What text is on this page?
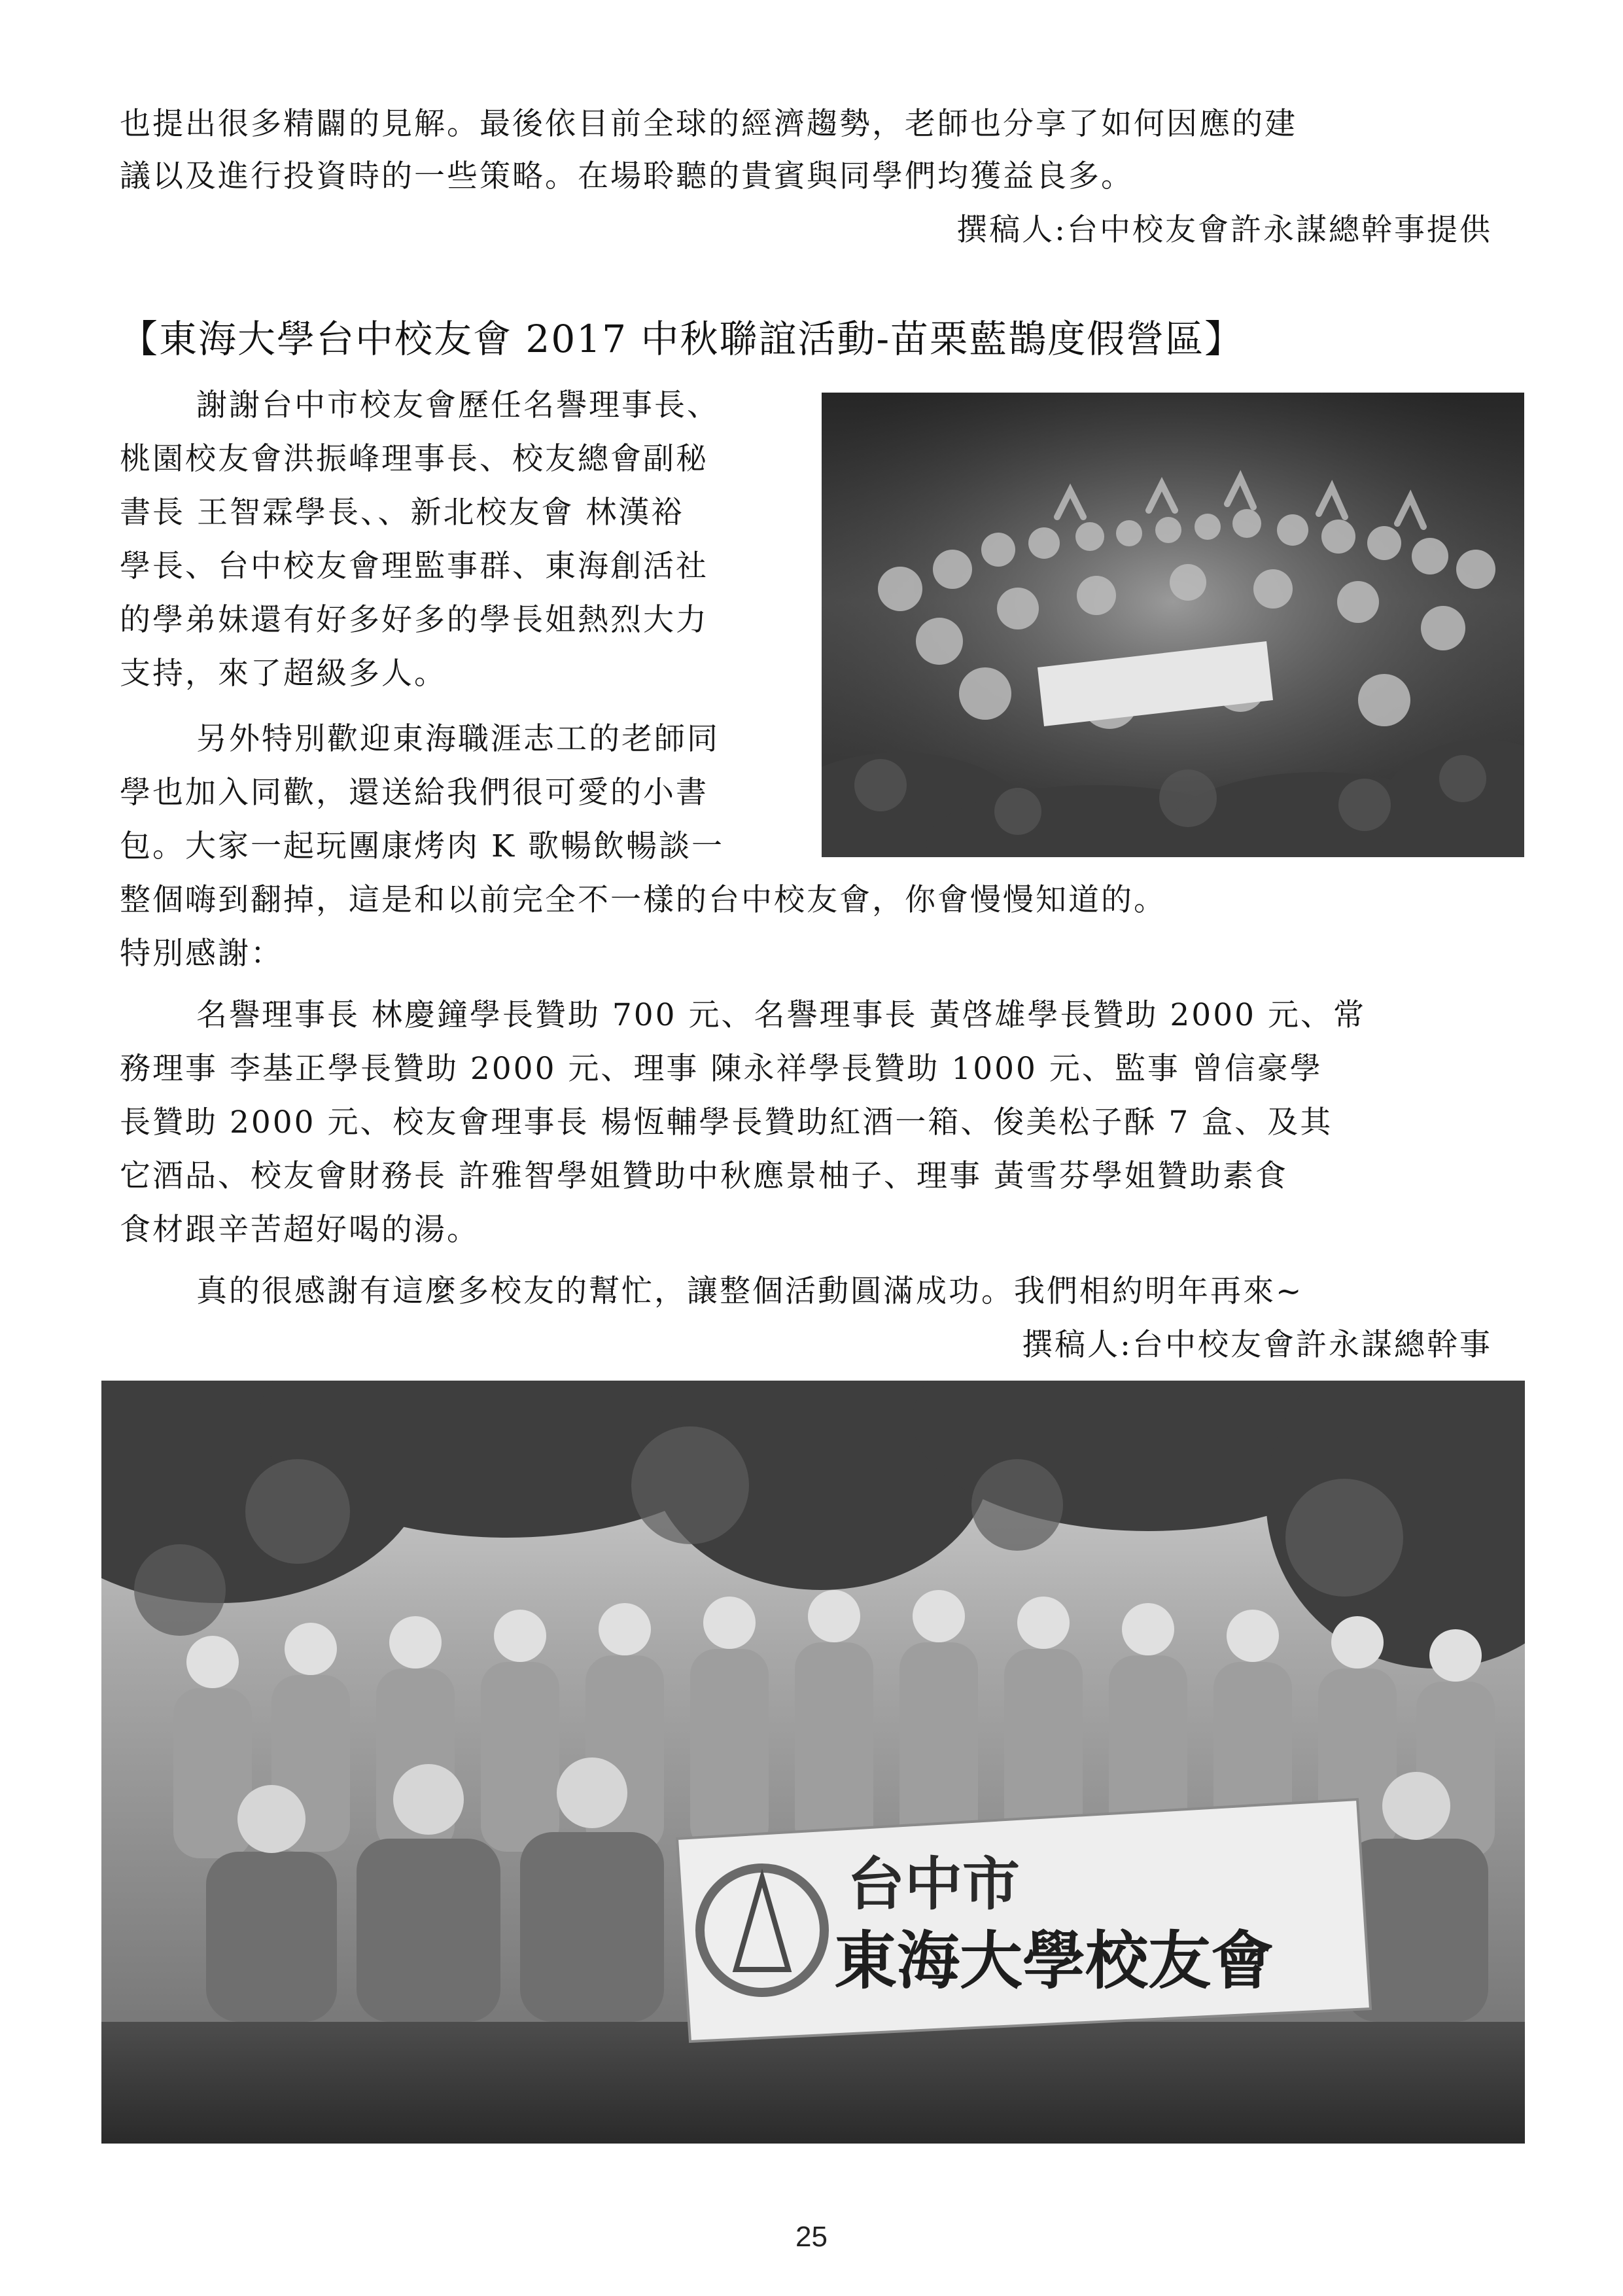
也提出很多精闢的見解。最後依目前全球的經濟趨勢，老師也分享了如何因應的建
議以及進行投資時的一些策略。在場聆聽的貴賓與同學們均獲益良多。
撰稿人:台中校友會許永謀總幹事提供
【東海大學台中校友會 2017 中秋聯誼活動-苗栗藍鵲度假營區】
謝謝台中市校友會歷任名譽理事長、
桃園校友會洪振峰理事長、校友總會副秘
書長 王智霖學長、、新北校友會 林漢裕
學長、台中校友會理監事群、東海創活社
的學弟妹還有好多好多的學長姐熱烈大力
支持，來了超級多人。
另外特別歡迎東海職涯志工的老師同
學也加入同歡，還送給我們很可愛的小書
包。大家一起玩團康烤肉 K 歌暢飲暢談一
整個嗨到翻掉，這是和以前完全不一樣的台中校友會，你會慢慢知道的。
特別感謝：
名譽理事長 林慶鐘學長贊助 700 元、名譽理事長 黃啓雄學長贊助 2000 元、常
務理事 李基正學長贊助 2000 元、理事 陳永祥學長贊助 1000 元、監事 曾信豪學
長贊助 2000 元、校友會理事長 楊恆輔學長贊助紅酒一箱、俊美松子酥 7 盒、及其
它酒品、校友會財務長 許雅智學姐贊助中秋應景柚子、理事 黃雪芬學姐贊助素食
食材跟辛苦超好喝的湯。
真的很感謝有這麼多校友的幫忙，讓整個活動圓滿成功。我們相約明年再來~
撰稿人:台中校友會許永謀總幹事
台中市
東海大學校友會
25
